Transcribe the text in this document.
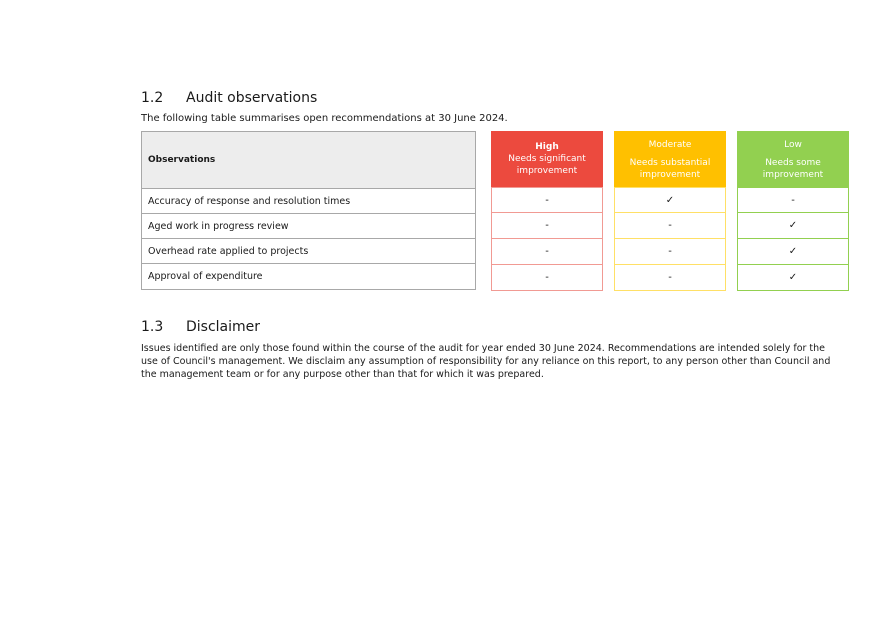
1.2	Audit observations
The following table summarises open recommendations at 30 June 2024.
Observations
Accuracy of response and resolution times
Aged work in progress review
Overhead rate applied to projects
Approval of expenditure
High
Needs significant improvement
-
-
-
-
Moderate
Needs substantial improvement
✓
-
-
-
Low
Needs some improvement
-
✓
✓
✓
1.3	Disclaimer
Issues identified are only those found within the course of the audit for year ended 30 June 2024. Recommendations are intended solely for the use of Council's management. We disclaim any assumption of responsibility for any reliance on this report, to any person other than Council and the management team or for any purpose other than that for which it was prepared.
